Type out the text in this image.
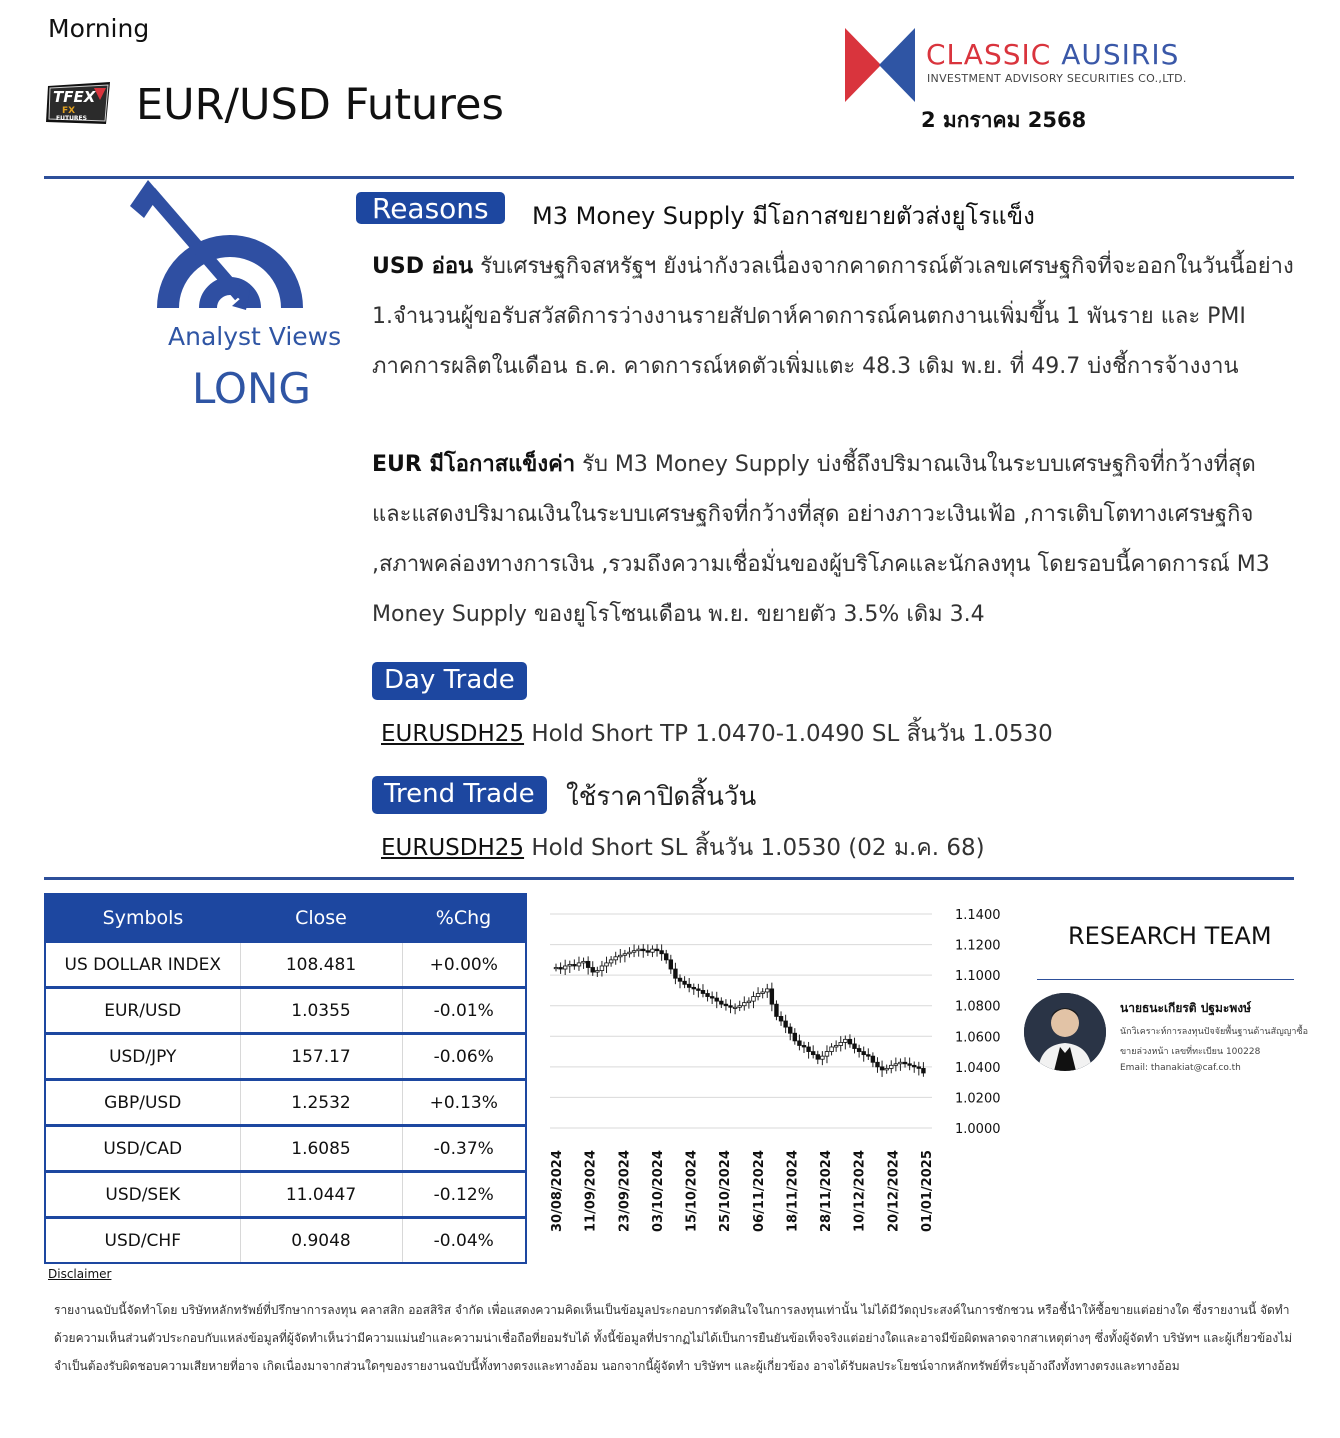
Morning
TFEX
FX
FUTURES EUR/USD Futures
CLASSIC AUSIRIS
INVESTMENT ADVISORY SECURITIES CO.,LTD.
2 มกราคม 2568
Analyst Views
LONG
Reasons	M3 Money Supply มีโอกาสขยายตัวส่งยูโรแข็ง
USD อ่อน รับเศรษฐกิจสหรัฐฯ ยังน่ากังวลเนื่องจากคาดการณ์ตัวเลขเศรษฐกิจที่จะออกในวันนี้อย่าง 1.จำนวนผู้ขอรับสวัสดิการว่างงานรายสัปดาห์คาดการณ์คนตกงานเพิ่มขึ้น 1 พันราย และ PMI ภาคการผลิตในเดือน ธ.ค. คาดการณ์หดตัวเพิ่มแตะ 48.3 เดิม พ.ย. ที่ 49.7 บ่งชี้การจ้างงาน
EUR มีโอกาสแข็งค่า รับ M3 Money Supply บ่งชี้ถึงปริมาณเงินในระบบเศรษฐกิจที่กว้างที่สุด และแสดงปริมาณเงินในระบบเศรษฐกิจที่กว้างที่สุด อย่างภาวะเงินเฟ้อ ,การเติบโตทางเศรษฐกิจ ,สภาพคล่องทางการเงิน ,รวมถึงความเชื่อมั่นของผู้บริโภคและนักลงทุน โดยรอบนี้คาดการณ์ M3 Money Supply ของยูโรโซนเดือน พ.ย. ขยายตัว 3.5% เดิม 3.4
Day Trade
EURUSDH25 Hold Short TP 1.0470-1.0490 SL สิ้นวัน 1.0530
Trend Trade	ใช้ราคาปิดสิ้นวัน
EURUSDH25 Hold Short SL สิ้นวัน 1.0530 (02 ม.ค. 68)
Symbols	Close	%Chg
US DOLLAR INDEX	108.481	+0.00%
EUR/USD	1.0355	-0.01%
USD/JPY	157.17	-0.06%
GBP/USD	1.2532	+0.13%
USD/CAD	1.6085	-0.37%
USD/SEK	11.0447	-0.12%
USD/CHF	0.9048	-0.04%
1.1400
1.1200
1.1000
1.0800
1.0600
1.0400
1.0200
1.0000
30/08/2024 11/09/2024 23/09/2024 03/10/2024 15/10/2024 25/10/2024 06/11/2024 18/11/2024 28/11/2024 10/12/2024 20/12/2024 01/01/2025
RESEARCH TEAM
นายธนะเกียรติ ปฐมะพงษ์
นักวิเคราะห์การลงทุนปัจจัยพื้นฐานด้านสัญญาซื้อขายล่วงหน้า เลขที่ทะเบียน 100228
Email: thanakiat@caf.co.th
Disclaimer
รายงานฉบับนี้จัดทำโดย บริษัทหลักทรัพย์ที่ปรึกษาการลงทุน คลาสสิก ออสสิริส จำกัด เพื่อแสดงความคิดเห็นเป็นข้อมูลประกอบการตัดสินใจในการลงทุนเท่านั้น ไม่ได้มีวัตถุประสงค์ในการชักชวน หรือชี้นำให้ซื้อขายแต่อย่างใด ซึ่งรายงานนี้ จัดทำด้วยความเห็นส่วนตัวประกอบกับแหล่งข้อมูลที่ผู้จัดทำเห็นว่ามีความแม่นยำและความน่าเชื่อถือที่ยอมรับได้ ทั้งนี้ข้อมูลที่ปรากฏไม่ได้เป็นการยืนยันข้อเท็จจริงแต่อย่างใดและอาจมีข้อผิดพลาดจากสาเหตุต่างๆ ซึ่งทั้งผู้จัดทำ บริษัทฯ และผู้เกี่ยวข้องไม่จำเป็นต้องรับผิดชอบความเสียหายที่อาจ เกิดเนื่องมาจากส่วนใดๆของรายงานฉบับนี้ทั้งทางตรงและทางอ้อม นอกจากนี้ผู้จัดทำ บริษัทฯ และผู้เกี่ยวข้อง อาจได้รับผลประโยชน์จากหลักทรัพย์ที่ระบุอ้างถึงทั้งทางตรงและทางอ้อม
